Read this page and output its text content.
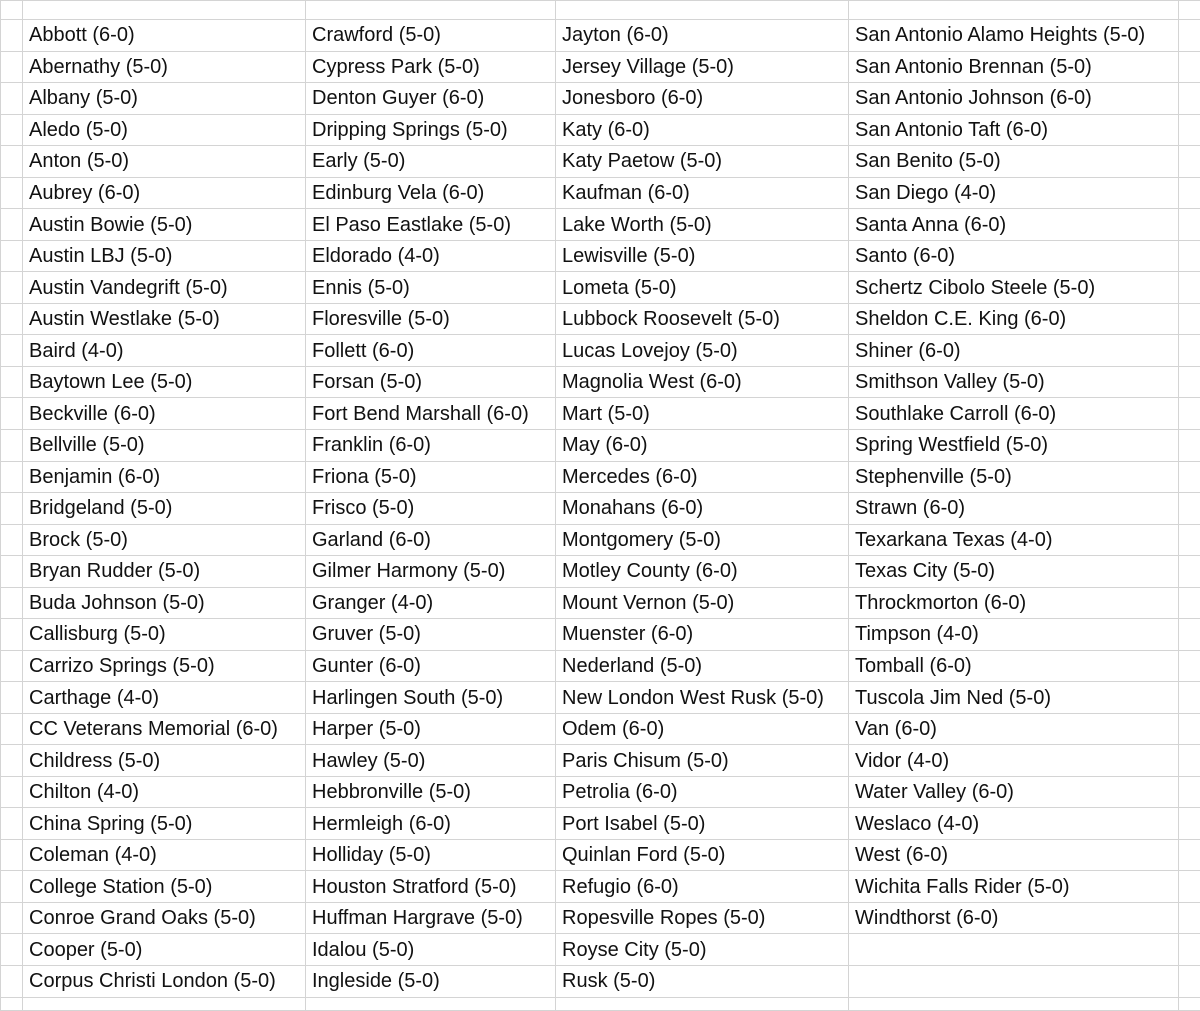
	Abbott (6-0)	Crawford (5-0)	Jayton (6-0)	San Antonio Alamo Heights (5-0)	
	Abernathy (5-0)	Cypress Park (5-0)	Jersey Village (5-0)	San Antonio Brennan (5-0)	
	Albany (5-0)	Denton Guyer (6-0)	Jonesboro (6-0)	San Antonio Johnson (6-0)	
	Aledo (5-0)	Dripping Springs (5-0)	Katy (6-0)	San Antonio Taft (6-0)	
	Anton (5-0)	Early (5-0)	Katy Paetow (5-0)	San Benito (5-0)	
	Aubrey (6-0)	Edinburg Vela (6-0)	Kaufman (6-0)	San Diego (4-0)	
	Austin Bowie (5-0)	El Paso Eastlake (5-0)	Lake Worth (5-0)	Santa Anna (6-0)	
	Austin LBJ (5-0)	Eldorado (4-0)	Lewisville (5-0)	Santo (6-0)	
	Austin Vandegrift (5-0)	Ennis (5-0)	Lometa (5-0)	Schertz Cibolo Steele (5-0)	
	Austin Westlake (5-0)	Floresville (5-0)	Lubbock Roosevelt (5-0)	Sheldon C.E. King (6-0)	
	Baird (4-0)	Follett (6-0)	Lucas Lovejoy (5-0)	Shiner (6-0)	
	Baytown Lee (5-0)	Forsan (5-0)	Magnolia West (6-0)	Smithson Valley (5-0)	
	Beckville (6-0)	Fort Bend Marshall (6-0)	Mart (5-0)	Southlake Carroll (6-0)	
	Bellville (5-0)	Franklin (6-0)	May (6-0)	Spring Westfield (5-0)	
	Benjamin (6-0)	Friona (5-0)	Mercedes (6-0)	Stephenville (5-0)	
	Bridgeland (5-0)	Frisco (5-0)	Monahans (6-0)	Strawn (6-0)	
	Brock (5-0)	Garland (6-0)	Montgomery (5-0)	Texarkana Texas (4-0)	
	Bryan Rudder (5-0)	Gilmer Harmony (5-0)	Motley County (6-0)	Texas City (5-0)	
	Buda Johnson (5-0)	Granger (4-0)	Mount Vernon (5-0)	Throckmorton (6-0)	
	Callisburg (5-0)	Gruver (5-0)	Muenster (6-0)	Timpson (4-0)	
	Carrizo Springs (5-0)	Gunter (6-0)	Nederland (5-0)	Tomball (6-0)	
	Carthage (4-0)	Harlingen South (5-0)	New London West Rusk (5-0)	Tuscola Jim Ned (5-0)	
	CC Veterans Memorial (6-0)	Harper (5-0)	Odem (6-0)	Van (6-0)	
	Childress (5-0)	Hawley (5-0)	Paris Chisum (5-0)	Vidor (4-0)	
	Chilton (4-0)	Hebbronville (5-0)	Petrolia (6-0)	Water Valley (6-0)	
	China Spring (5-0)	Hermleigh (6-0)	Port Isabel (5-0)	Weslaco (4-0)	
	Coleman (4-0)	Holliday (5-0)	Quinlan Ford (5-0)	West (6-0)	
	College Station (5-0)	Houston Stratford (5-0)	Refugio (6-0)	Wichita Falls Rider (5-0)	
	Conroe Grand Oaks (5-0)	Huffman Hargrave (5-0)	Ropesville Ropes (5-0)	Windthorst (6-0)	
	Cooper (5-0)	Idalou (5-0)	Royse City (5-0)		
	Corpus Christi London (5-0)	Ingleside (5-0)	Rusk (5-0)		
